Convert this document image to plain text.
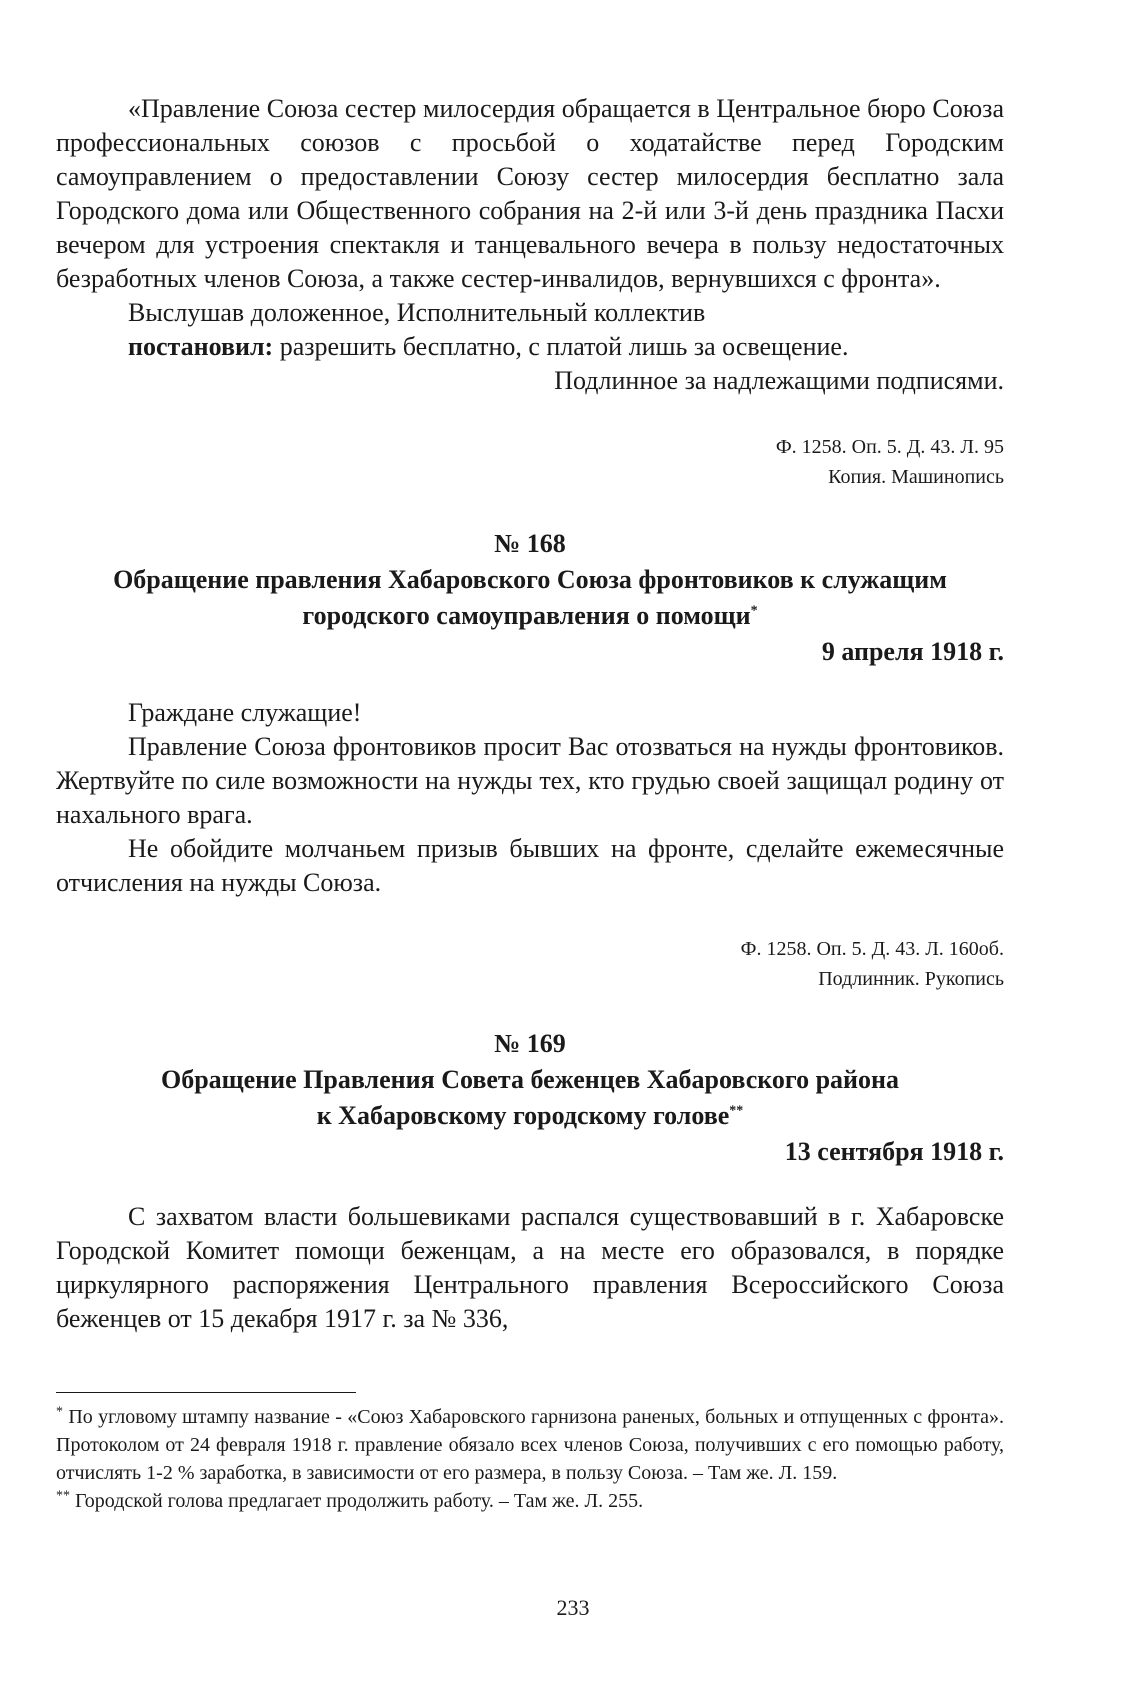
«Правление Союза сестер милосердия обращается в Центральное бюро Союза профессиональных союзов с просьбой о ходатайстве перед Городским самоуправлением о предоставлении Союзу сестер милосердия бесплатно зала Городского дома или Общественного собрания на 2-й или 3-й день праздника Пасхи вечером для устроения спектакля и танцевального вечера в пользу недостаточных безработных членов Союза, а также сестер-инвалидов, вернувшихся с фронта».

Выслушав доложенное, Исполнительный коллектив

постановил: разрешить бесплатно, с платой лишь за освещение.

Подлинное за надлежащими подписями.

Ф. 1258. Оп. 5. Д. 43. Л. 95

Копия. Машинопись

№ 168

Обращение правления Хабаровского Союза фронтовиков к служащим

городского самоуправления о помощи*

9 апреля 1918 г.

Граждане служащие!

Правление Союза фронтовиков просит Вас отозваться на нужды фронтовиков. Жертвуйте по силе возможности на нужды тех, кто грудью своей защищал родину от нахального врага.

Не обойдите молчаньем призыв бывших на фронте, сделайте ежемесячные отчисления на нужды Союза.

Ф. 1258. Оп. 5. Д. 43. Л. 160об.

Подлинник. Рукопись

№ 169

Обращение Правления Совета беженцев Хабаровского района

к Хабаровскому городскому голове**

13 сентября 1918 г.

С захватом власти большевиками распался существовавший в г. Хабаровске Городской Комитет помощи беженцам, а на месте его образовался, в порядке циркулярного распоряжения Центрального правления Всероссийского Союза беженцев от 15 декабря 1917 г. за № 336,

* По угловому штампу название - «Союз Хабаровского гарнизона раненых, больных и отпущенных с фронта». Протоколом от 24 февраля 1918 г. правление обязало всех членов Союза, получивших с его помощью работу, отчислять 1-2 % заработка, в зависимости от его размера, в пользу Союза. – Там же. Л. 159.

** Городской голова предлагает продолжить работу. – Там же. Л. 255.

233
